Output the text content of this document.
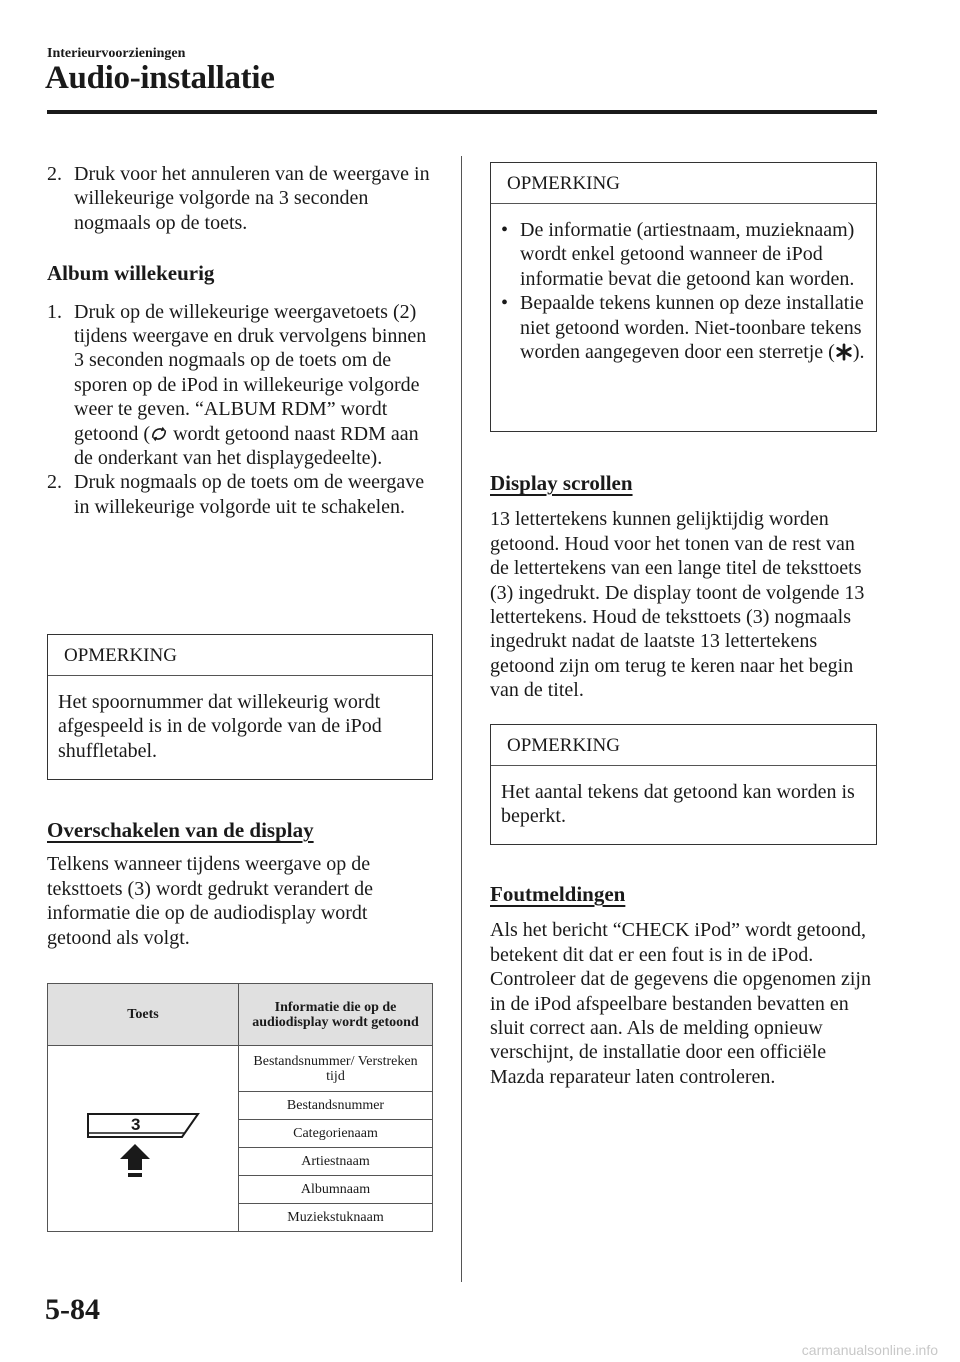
Interieurvoorzieningen
Audio-installatie
2. Druk voor het annuleren van de weergave in willekeurige volgorde na 3 seconden nogmaals op de toets.
Album willekeurig
1. Druk op de willekeurige weergavetoets (2) tijdens weergave en druk vervolgens binnen 3 seconden nogmaals op de toets om de sporen op de iPod in willekeurige volgorde weer te geven. “ALBUM RDM” wordt getoond ( wordt getoond naast RDM aan de onderkant van het displaygedeelte).
2. Druk nogmaals op de toets om de weergave in willekeurige volgorde uit te schakelen.
OPMERKING
Het spoornummer dat willekeurig wordt afgespeeld is in de volgorde van de iPod shuffletabel.
Overschakelen van de display

Telkens wanneer tijdens weergave op de teksttoets (3) wordt gedrukt verandert de informatie die op de audiodisplay wordt getoond als volgt.

Toets	Informatie die op de audiodisplay wordt getoond

3	Bestandsnummer/ Verstreken tijd
	Bestandsnummer
	Categorienaam
	Artiestnaam
	Albumnaam
	Muziekstuknaam
OPMERKING
• De informatie (artiestnaam, muzieknaam) wordt enkel getoond wanneer de iPod informatie bevat die getoond kan worden.
• Bepaalde tekens kunnen op deze installatie niet getoond worden. Niet-toonbare tekens worden aangegeven door een sterretje ( ).
Display scrollen

13 lettertekens kunnen gelijktijdig worden getoond. Houd voor het tonen van de rest van de lettertekens van een lange titel de teksttoets (3) ingedrukt. De display toont de volgende 13 lettertekens. Houd de teksttoets (3) nogmaals ingedrukt nadat de laatste 13 lettertekens getoond zijn om terug te keren naar het begin van de titel.

OPMERKING
Het aantal tekens dat getoond kan worden is beperkt.
Foutmeldingen

Als het bericht “CHECK iPod” wordt getoond, betekent dit dat er een fout is in de iPod. Controleer dat de gegevens die opgenomen zijn in de iPod afspeelbare bestanden bevatten en sluit correct aan. Als de melding opnieuw verschijnt, de installatie door een officiële Mazda reparateur laten controleren.

5-84
carmanualsonline.info
